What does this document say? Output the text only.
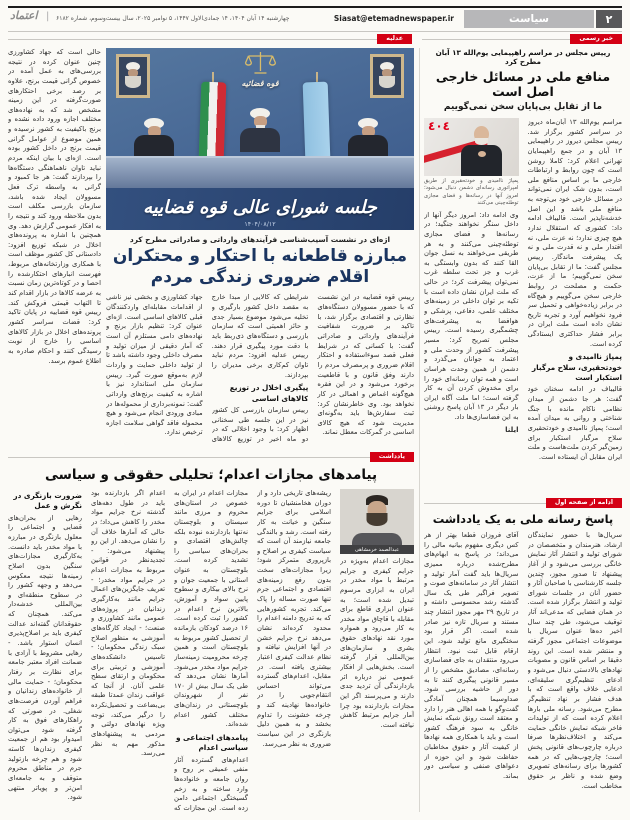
۲
سیاست
Siasat@etemadnewspaper.ir
چهارشنبه ۱۴ آبان ۱۴۰۴، ۱۴ جمادی‌الاول ۱۴۴۷، ۵ نوامبر ۲۰۲۵، سال بیست‌وسوم، شماره ۶۱۸۲
اعتماد |
خبر رسمی
عدلیه
رییس مجلس در مراسم راهپیمایی یوم‌الله ۱۳ آبان مطرح کرد
منافع ملی در مسائل خارجی اصل است
ما از تقابل بی‌پایان سخن نمی‌گوییم

مراسم یوم‌الله ۱۳ آبان‌ماه دیروز در سراسر کشور برگزار شد. رییس مجلس دیروز در راهپیمایی ۱۳ آبان و در جمع راهپیمایان تهرانی اعلام کرد: کاملا روشن است که چون روابط و ارتباطات خارجی ما بر اساس منافع ملی است، بدون شک ایران نمی‌تواند در مسائل خارجی خود بی‌توجه به منافع ملی باشد و این اصل خدشه‌ناپذیر است. قالیباف ادامه داد: کشوری که استقلال ندارد هیچ چیزی ندارد؛ نه عزت ملی، نه اقتدار ملی و نه قدرت ملی و نه یک پیشرفت ماندگار. رییس مجلس گفت: ما از تقابل بی‌پایان سخن نمی‌گوییم؛ ما از عزت، حکمت و مصلحت در روابط خارجی سخن می‌گوییم و هیچ‌گاه در برابر زیاده‌خواهی و تحمیل سر فرود نخواهیم آورد و تجربه تاریخ نشان داده است ملت ایران در برابر فشار حداکثری ایستادگی کرده است.

پمپاژ ناامیدی و خودتحقیری، سلاح مرگبار استکبار است

قالیباف در ادامه سخنان خود گفت: هر جا دشمن از میدان نظامی ناکام مانده با جنگ شناختی و روانی به میدان آمده است؛ پمپاژ ناامیدی و خودتحقیری سلاح مرگبار استکبار برای زمین‌گیر کردن ملت‌هاست و ملت ایران مقابل آن ایستاده است.

٤٠٤
پمپاژ ناامیدی و خودتحقیری از طریق امپراتوری رسانه‌ای دشمن دنبال می‌شود؛ امروز آنها در رسانه‌ها و فضای مجازی توطئه‌چینی می‌کنند

وی ادامه داد: امروز دیگر آنها از داخل سنگر نخواهند جنگید؛ در رسانه‌ها و فضای مجازی توطئه‌چینی می‌کنند و به هر طریقی می‌خواهند به نسل جوان القا کنند که بدون وابستگی به غرب و جز تحت سلطه غرب نمی‌توان پیشرفت کرد؛ در حالی که ملت ایران نشان داده است با تکیه بر توان داخلی در زمینه‌های مختلف علمی، دفاعی، پزشکی و هوافضا به پیشرفت‌های چشمگیری رسیده است. رییس مجلس تصریح کرد: مسیر پیشرفت کشور از وحدت ملی و اعتماد به جوانان می‌گذرد و دشمن از همین وحدت هراسان است و همه توان رسانه‌ای خود را برای مخدوش کردن آن به کار گرفته است؛ اما ملت آگاه ایران بار دیگر در ۱۳ آبان پاسخ روشنی به این فضاسازی‌ها داد.

ایلنا
ادامه از صفحه اول
پاسخ رسانه ملی به یک یادداشت
سریال‌ها با حضور نمایندگان ارشاد، هنرمندان و متخصصان در شورای تولید و انتشار آثار نمایش خانگی بررسی می‌شود و از آغاز پیشنهاد تا صدور مجوز، چندین جلسه کارشناسی با صاحبان آثار و حضور آنان در جلسات شورای تولید و انتشار برگزار شده است. در همان فضایی که مدعی‌اند آثار توقیف می‌شود، طی چند سال اخیر ده‌ها عنوان سریال با موضوعات اجتماعی مجوز گرفته و منتشر شده است. این روند دقیقا بر اساس قانون و مصوبات نهادهای بالادستی دنبال می‌شود و ادعای تنظیم‌گری سلیقه‌ای، ادعایی خلاف واقع است که با هدف فشار بر نهاد تنظیم‌گر مطرح می‌شود. رسانه ملی بارها اعلام کرده است که از تولیدات فاخر شبکه نمایش خانگی حمایت می‌کند و اختلاف‌نظرها صرفا درباره چارچوب‌های قانونی پخش است؛ چارچوب‌هایی که در همه کشورها برای رسانه‌های تصویری وضع شده و ناظر بر حقوق مخاطب است.
آقای فروزان قطعا بهتر از هر کس دیگری مفهوم بیانیه مالی را می‌داند؛ در پاسخ به ابهام‌های مطرح‌شده درباره ممیزی سریال‌ها باید گفت آمار تولید و انتشار آثار در سامانه‌های صوت و تصویر فراگیر طی یک سال گذشته رشد محسوسی داشته و در تاریخ ۲۹ مهر مجوز انتشار چند مستند و سریال تازه نیز صادر شده است. اگر قرار بود سختگیری مانع تولید شود، این ارقام قابل ثبت نبود. انتظار می‌رود منتقدان به جای فضاسازی رسانه‌ای، مصادیق مشخص را از مسیر قانونی پیگیری کنند تا به دور از حاشیه بررسی شود. صداوسیما همچنان آمادگی گفت‌وگو با همه اهالی هنر را دارد و معتقد است رونق شبکه نمایش خانگی به سود فرهنگ کشور است و باید با همکاری همه نهادها از کیفیت آثار و حقوق مخاطبان حفاظت شود و این حوزه از دعواهای صنفی و سیاسی دور بماند.
حالی است که جهاد کشاورزی چنین عنوان کرده در نتیجه بررسی‌های به عمل آمده در خصوص گرانی قیمت برنج، علاوه بر رصد برخی احتکارهای صورت‌گرفته در این زمینه مشخص شد که به نهاده‌های مختلف اجازه ورود داده نشده و برنج باکیفیت به کشور نرسیده و همین موضوع از عوامل گرانی قیمت برنج در داخل کشور بوده است. اژه‌ای با بیان اینکه مردم نباید تاوان ناهماهنگی دستگاه‌ها را بپردازند گفت: هر جا کمبود و گرانی به واسطه ترک فعل مسوولان ایجاد شده باشد، سازمان بازرسی مکلف است بدون ملاحظه ورود کند و نتیجه را به افکار عمومی گزارش دهد. وی همچنین با اشاره به پرونده‌های اخلال در شبکه توزیع افزود: دادستانی کل کشور موظف است با همکاری وزارتخانه‌های مربوط، فهرست انبارهای احتکارشده را احصا و در کوتاه‌ترین زمان نسبت به عرضه کالاها در بازار اقدام کند تا التهاب قیمتی فروکش کند. رییس قوه قضاییه در پایان تاکید کرد: قضات سراسر کشور پرونده‌های اخلال در بازار کالاهای اساسی را خارج از نوبت رسیدگی کنند و احکام صادره به اطلاع عموم برسد.
قوه قضائیه
جلسه شورای عالی قوه قضاییه
۱۴۰۴/۰۸/۱۲
اژه‌ای در نشست آسیب‌شناسی فرآیندهای وارداتی و صادراتی مطرح کرد
مبارزه قاطعانه با احتکار و محتکران
اقلام ضروری زندگی مردم
رییس قوه قضاییه در این نشست که با حضور مسوولان دستگاه‌های نظارتی و اقتصادی برگزار شد، با تاکید بر ضرورت شفافیت فرآیندهای وارداتی و صادراتی گفت: با کسانی که در شرایط فعلی قصد سوءاستفاده و احتکار اقلام ضروری و پرمصرف مردم را دارند وفق قانون و با قاطعیت برخورد می‌شود و در این فقره هیچ‌گونه اغماض و اهمالی در کار نخواهد بود. وی خاطرنشان کرد: ثبت سفارش‌ها باید به‌گونه‌ای مدیریت شود که هیچ کالای اساسی در گمرکات معطل نماند.

شرایطی که کالایی از مبدا خارج به مقصد داخل کشور بارگیری و تخلیه می‌شود موضوع بسیار جدی و حائز اهمیتی است که سازمان بازرسی و دستگاه‌های ذی‌ربط باید با دقت مورد پیگیری قرار دهند. رییس عدلیه افزود: مردم نباید تاوان کم‌کاری برخی مدیران را بپردازند.

پیگیری اخلال در توزیع کالاهای اساسی

رییس سازمان بازرسی کل کشور نیز در این جلسه طی سخنانی اظهار کرد: با وجود اخلالی که در دو ماه اخیر در توزیع کالاهای

جهاد کشاورزی و بخشی نیز ناشی از اقدامات مقابله‌ای واردکنندگان قبلی کالاهای اساسی است. اژه‌ای عنوان کرد: تنظیم بازار برنج و نهاده‌های دامی مستلزم آن است که آمار دقیقی از میزان تولید و مصرف داخلی وجود داشته باشد تا از تولید داخلی حمایت و واردات لازم به‌موقع صورت گیرد. رییس سازمان ملی استاندارد نیز با اشاره به کیفیت برنج‌های وارداتی گفت: نمونه‌برداری از محموله‌ها در مبادی ورودی انجام می‌شود و هیچ محموله فاقد گواهی سلامت اجازه ترخیص ندارد.
یادداشت
پیامدهای مجازات اعدام؛ تحلیلی حقوقی و سیاسی
عبدالصمد خرمشاهی
مجازات اعدام به‌ویژه در جرایم کیفری و جرایم مرتبط با مواد مخدر در ایران به ابزاری مرسوم تبدیل شده است؛ به عنوان ابزاری قاطع برای مقابله با قاچاق مواد مخدر به کار می‌رود و همواره مورد نقد نهادهای حقوق بشری و سازمان‌های بین‌المللی قرار گرفته است. بخش‌هایی از افکار عمومی نیز درباره اثر بازدارندگی آن تردید جدی دارند و می‌پرسند اگر این مجازات بازدارنده بود چرا آمار جرایم مرتبط کاهش نیافته است.
ریشه‌های تاریخی دارد و از دوران هخامنشیان تا دوره اسلامی برای جرایم سنگین و خیانت به کار رفته است. رشد و بالندگی جامعه نیازمند آن است که سیاست کیفری بر اصلاح و بازپروری متمرکز شود؛ زیرا مجازات‌های سخت بدون رفع زمینه‌های اقتصادی و اجتماعی جرم تنها صورت مساله را پاک می‌کند. تجربه کشورهایی که به تدریج دامنه اعدام را محدود کرده‌اند نشان می‌دهد نرخ جرایم خشن در آنها افزایش نیافته و نظام عدالت کیفری اعتبار بیشتری یافته است. در مقابل، اعدام‌های گسترده می‌تواند احساس انتقام‌جویی را در خانواده‌ها نهادینه کند و چرخه خشونت را تداوم بخشد و به همین دلیل بازنگری در این سیاست ضروری به نظر می‌رسد.

مجازات اعدام در ایران به خصوص در استان‌های محروم و مرزی مانند سیستان و بلوچستان نه‌تنها بازدارنده نبوده بلکه چالش‌های اقتصادی و بحران‌های سیاسی را تشدید کرده است. بلوچستان به عنوان استانی با جمعیت جوان و نرخ بالای بیکاری و سطوح پایین سواد و آموزش، بالاترین نرخ اعدام در کشور را ثبت کرده است. ۱۶ درصد کودکان بازمانده از تحصیل کشور مربوط به بلوچستان است و همین چرخه محرومیت زمینه‌ساز جرایم مواد مخدر می‌شود. آمارها نشان می‌دهد که طی یک سال بیش از ۱۷۰ نفر از شهروندان بلوچستانی در زندان‌های مختلف کشور اعدام شده‌اند.

پیامدهای اجتماعی و سیاسی اعدام

اعدام‌های گسترده آثار منفی عمیقی بر روح و روان جامعه و خانواده‌ها وارد ساخته و به زخم گسیختگی اجتماعی دامن زده است. این مجازات که

اعدام اگر بازدارنده بود باید در طول دهه‌های گذشته نرخ جرایم مواد مخدر را کاهش می‌داد؛ در حالی که آمارها خلاف آن را نشان می‌دهد. از این رو پیشنهاد می‌شود: - تجدیدنظر در قوانین مربوط به مجازات اعدام در جرایم مواد مخدر؛ - تعریف جایگزین‌های اعمال جرایم مانند به‌کارگیری زندانیان در پروژه‌های عمومی مانند کشاورزی و صنعت؛ - ایجاد کارگاه‌های آموزشی به منظور اصلاح سبک زندگی محکومان؛ - تاسیس دانشکده‌های آموزشی و تربیتی برای محکومان و ارتقای سطح علمی آنان. از آنجا که عواقب زندان عمدتا طبقه بی‌بضاعت و تحصیل‌نکرده را درگیر می‌کند، توجه ویژه نهادهای دولتی و مردمی به پیشنهادهای مذکور مهم به نظر می‌رسد.
ضرورت بازنگری در نگرش و عمل

رهایی از بحران‌های قضایی و اجتماعی را معلول بازنگری در مبارزه با مواد مخدر باید دانست. به‌کارگیری مجازات‌های سنگین بدون اصلاح زمینه‌ها نتیجه معکوس می‌دهد و وجهه کشور را در سطوح منطقه‌ای و بین‌المللی خدشه‌دار می‌کند. همچنان که حقوقدانان گفته‌اند عدالت کیفری باید بر اصلاح‌پذیری انسان استوار باشد. - رهایی مشروط با آزادی با ضمانت افراد معتبر جامعه برای نظارت بر رفتار محکومان؛ - حمایت مالی از خانواده‌های زندانیان و فراهم آوردن فرصت‌های شغلی. در صورتی که راهکارهای فوق به کار گرفته شود می‌توان امیدوار بود هم از جمعیت کیفری زندان‌ها کاسته شود و هم چرخه بازتولید جرم در مناطق محروم متوقف و به جامعه‌ای امن‌تر و پویاتر منتهی شود.
